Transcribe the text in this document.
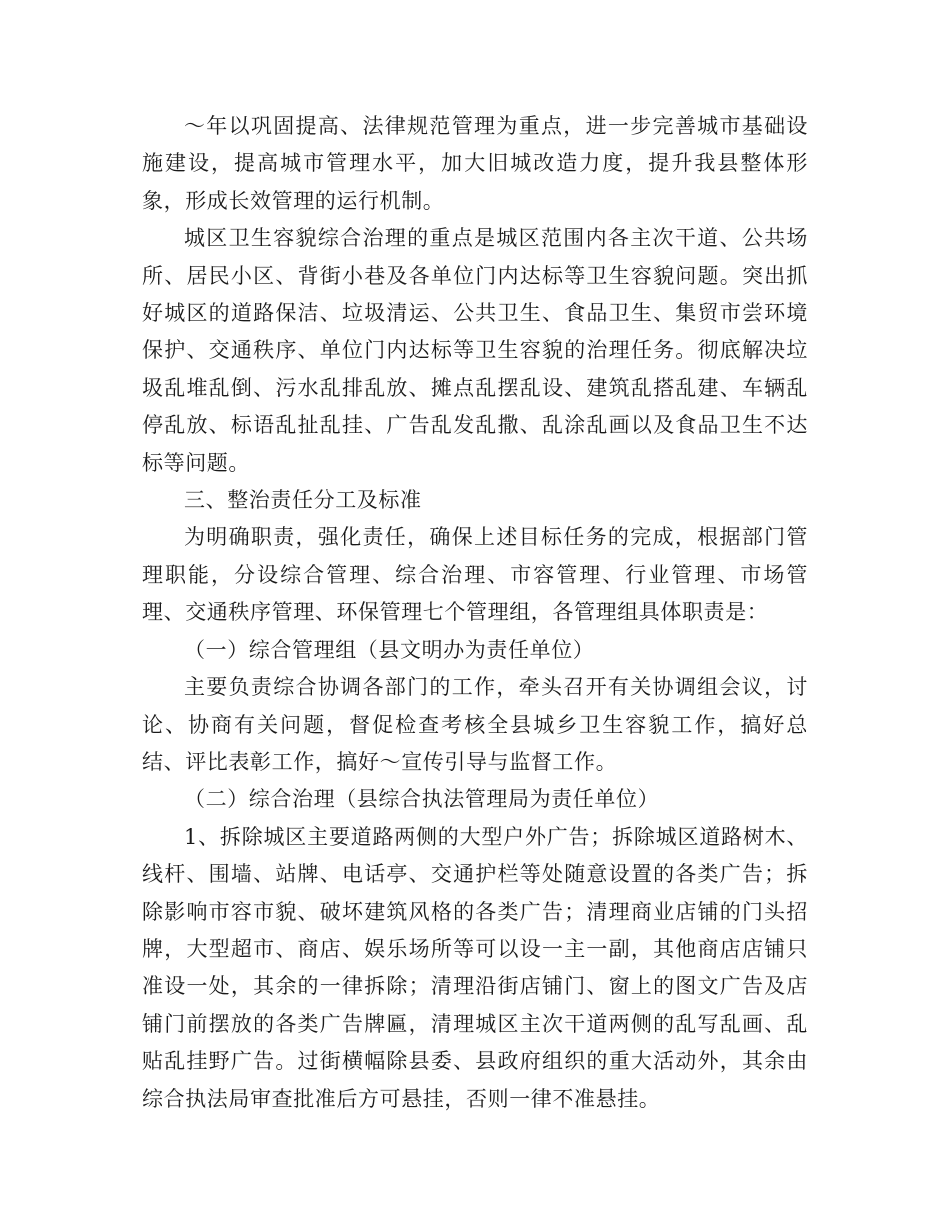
～年以巩固提高、法律规范管理为重点，进一步完善城市基础设施建设，提高城市管理水平，加大旧城改造力度，提升我县整体形象，形成长效管理的运行机制。

城区卫生容貌综合治理的重点是城区范围内各主次干道、公共场所、居民小区、背街小巷及各单位门内达标等卫生容貌问题。突出抓好城区的道路保洁、垃圾清运、公共卫生、食品卫生、集贸市尝环境保护、交通秩序、单位门内达标等卫生容貌的治理任务。彻底解决垃圾乱堆乱倒、污水乱排乱放、摊点乱摆乱设、建筑乱搭乱建、车辆乱停乱放、标语乱扯乱挂、广告乱发乱撒、乱涂乱画以及食品卫生不达标等问题。

三、整治责任分工及标准

为明确职责，强化责任，确保上述目标任务的完成，根据部门管理职能，分设综合管理、综合治理、市容管理、行业管理、市场管理、交通秩序管理、环保管理七个管理组，各管理组具体职责是：

（一）综合管理组（县文明办为责任单位）

主要负责综合协调各部门的工作，牵头召开有关协调组会议，讨论、协商有关问题，督促检查考核全县城乡卫生容貌工作，搞好总结、评比表彰工作，搞好～宣传引导与监督工作。

（二）综合治理（县综合执法管理局为责任单位）

1、拆除城区主要道路两侧的大型户外广告；拆除城区道路树木、线杆、围墙、站牌、电话亭、交通护栏等处随意设置的各类广告；拆除影响市容市貌、破坏建筑风格的各类广告；清理商业店铺的门头招牌，大型超市、商店、娱乐场所等可以设一主一副，其他商店店铺只准设一处，其余的一律拆除；清理沿街店铺门、窗上的图文广告及店铺门前摆放的各类广告牌匾，清理城区主次干道两侧的乱写乱画、乱贴乱挂野广告。过街横幅除县委、县政府组织的重大活动外，其余由综合执法局审查批准后方可悬挂，否则一律不准悬挂。
